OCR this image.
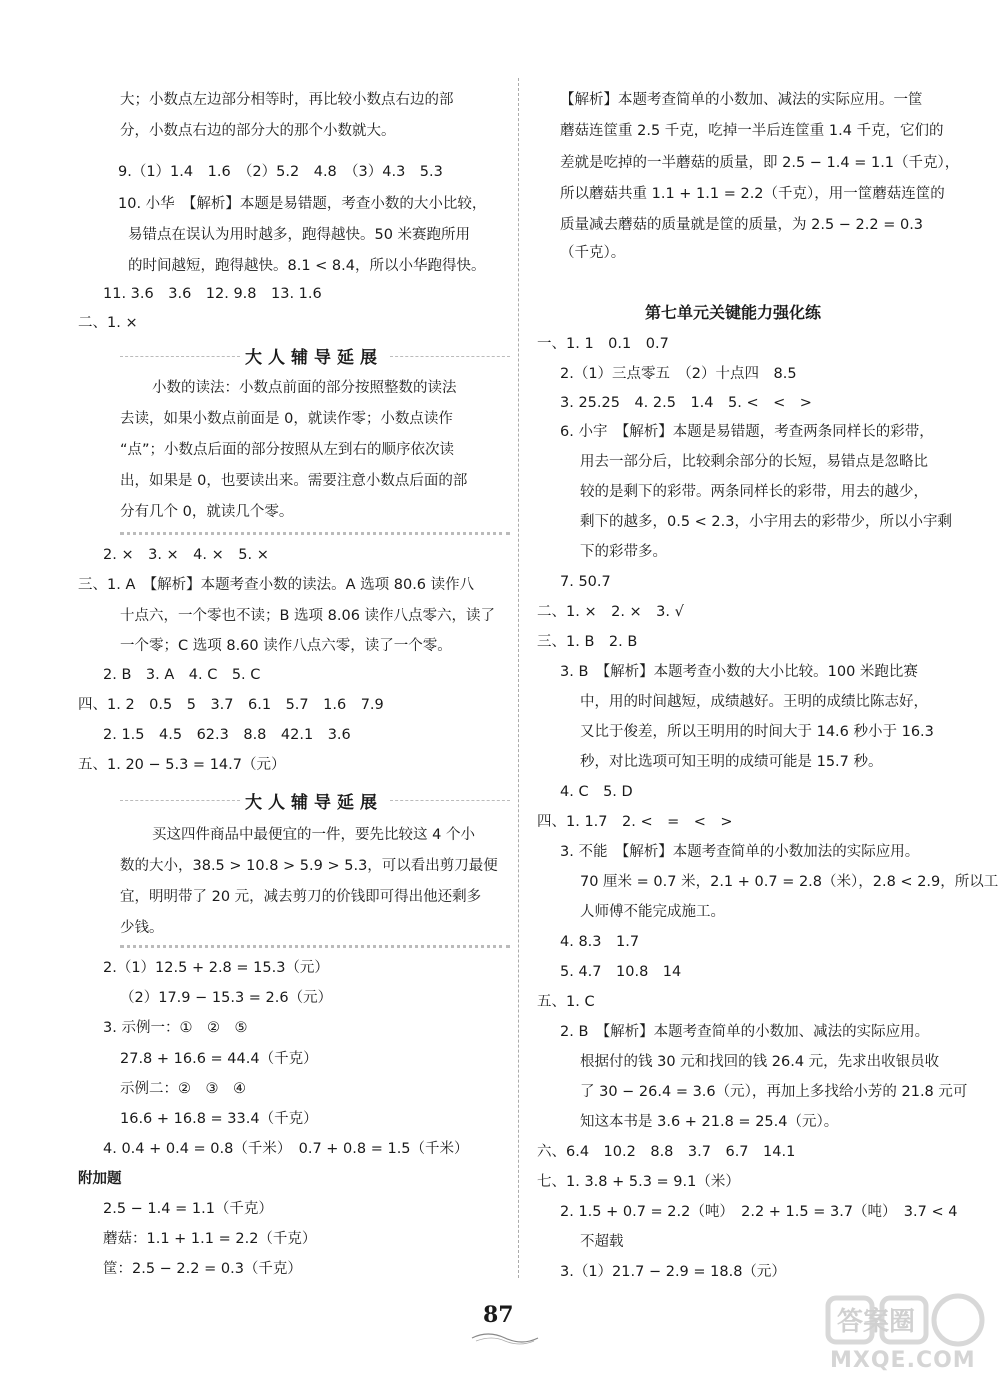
大；小数点左边部分相等时，再比较小数点右边的部
分，小数点右边的部分大的那个小数就大。
9.（1）1.4　1.6　（2）5.2　4.8　（3）4.3　5.3
10. 小华　【解析】本题是易错题，考查小数的大小比较，
易错点在误认为用时越多，跑得越快。50 米赛跑所用
的时间越短，跑得越快。8.1 < 8.4，所以小华跑得快。
11. 3.6　3.6　12. 9.8　13. 1.6
二、1. ×
大人辅导延展
小数的读法：小数点前面的部分按照整数的读法
去读，如果小数点前面是 0，就读作零；小数点读作
“点”；小数点后面的部分按照从左到右的顺序依次读
出，如果是 0，也要读出来。需要注意小数点后面的部
分有几个 0，就读几个零。
2. ×　3. ×　4. ×　5. ×
三、1. A　【解析】本题考查小数的读法。A 选项 80.6 读作八
十点六，一个零也不读；B 选项 8.06 读作八点零六，读了
一个零；C 选项 8.60 读作八点六零，读了一个零。
2. B　3. A　4. C　5. C
四、1. 2　0.5　5　3.7　6.1　5.7　1.6　7.9
2. 1.5　4.5　62.3　8.8　42.1　3.6
五、1. 20 − 5.3 = 14.7（元）
大人辅导延展
买这四件商品中最便宜的一件，要先比较这 4 个小
数的大小，38.5 > 10.8 > 5.9 > 5.3，可以看出剪刀最便
宜，明明带了 20 元，减去剪刀的价钱即可得出他还剩多
少钱。
2.（1）12.5 + 2.8 = 15.3（元）
（2）17.9 − 15.3 = 2.6（元）
3. 示例一：①　②　⑤
27.8 + 16.6 = 44.4（千克）
示例二：②　③　④
16.6 + 16.8 = 33.4（千克）
4. 0.4 + 0.4 = 0.8（千米）　0.7 + 0.8 = 1.5（千米）
附加题
2.5 − 1.4 = 1.1（千克）
蘑菇：1.1 + 1.1 = 2.2（千克）
筐：2.5 − 2.2 = 0.3（千克）
【解析】本题考查简单的小数加、减法的实际应用。一筐
蘑菇连筐重 2.5 千克，吃掉一半后连筐重 1.4 千克，它们的
差就是吃掉的一半蘑菇的质量，即 2.5 − 1.4 = 1.1（千克），
所以蘑菇共重 1.1 + 1.1 = 2.2（千克），用一筐蘑菇连筐的
质量减去蘑菇的质量就是筐的质量，为 2.5 − 2.2 = 0.3
（千克）。
第七单元关键能力强化练
一、1. 1　0.1　0.7
2.（1）三点零五　（2）十点四　8.5
3. 25.25　4. 2.5　1.4　5. <　<　>
6. 小宇　【解析】本题是易错题，考查两条同样长的彩带，
用去一部分后，比较剩余部分的长短，易错点是忽略比
较的是剩下的彩带。两条同样长的彩带，用去的越少，
剩下的越多，0.5 < 2.3，小宇用去的彩带少，所以小宇剩
下的彩带多。
7. 50.7
二、1. ×　2. ×　3. √
三、1. B　2. B
3. B　【解析】本题考查小数的大小比较。100 米跑比赛
中，用的时间越短，成绩越好。王明的成绩比陈志好，
又比于俊差，所以王明用的时间大于 14.6 秒小于 16.3
秒，对比选项可知王明的成绩可能是 15.7 秒。
4. C　5. D
四、1. 1.7　2. <　=　<　>
3. 不能　【解析】本题考查简单的小数加法的实际应用。
70 厘米 = 0.7 米，2.1 + 0.7 = 2.8（米），2.8 < 2.9，所以工
人师傅不能完成施工。
4. 8.3　1.7
5. 4.7　10.8　14
五、1. C
2. B　【解析】本题考查简单的小数加、减法的实际应用。
根据付的钱 30 元和找回的钱 26.4 元，先求出收银员收
了 30 − 26.4 = 3.6（元），再加上多找给小芳的 21.8 元可
知这本书是 3.6 + 21.8 = 25.4（元）。
六、6.4　10.2　8.8　3.7　6.7　14.1
七、1. 3.8 + 5.3 = 9.1（米）
2. 1.5 + 0.7 = 2.2（吨）　2.2 + 1.5 = 3.7（吨）　3.7 < 4
不超载
3.（1）21.7 − 2.9 = 18.8（元）
87	答案圈
MXQE.COM
